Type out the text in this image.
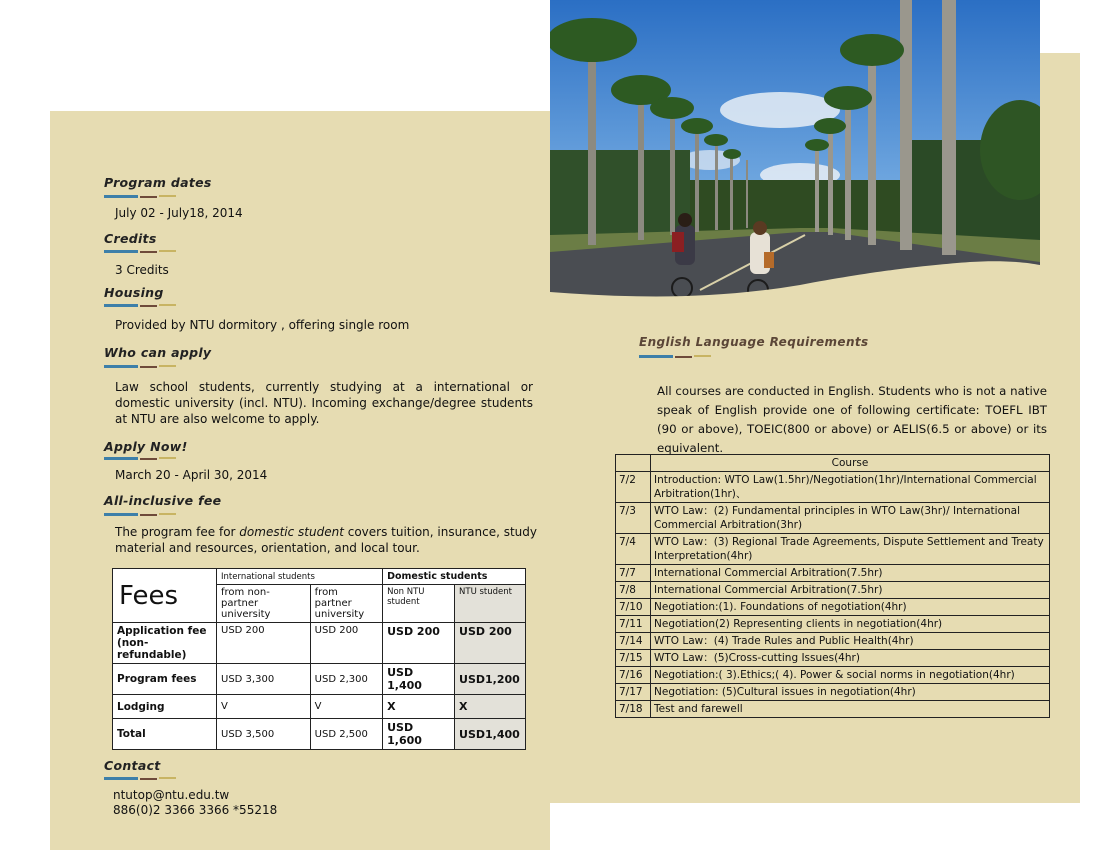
Program dates
July 02 - July18, 2014
Credits
3 Credits
Housing
Provided by NTU dormitory , offering single room
Who can apply
Law school students, currently studying at a international or domestic university (incl. NTU). Incoming exchange/degree students at NTU are also welcome to apply.
Apply Now!
March 20 - April 30, 2014
All-inclusive fee
The program fee for domestic student covers tuition, insurance, study material and resources, orientation, and local tour.
Fees	International students		Domestic students	
	from non-partner university	from partner university	Non NTU student	NTU student
Application fee (non-refundable)	USD 200	USD 200	USD 200	USD 200
Program fees	USD 3,300	USD 2,300	USD 1,400	USD1,200
Lodging	V	V	X	X
Total	USD 3,500	USD 2,500	USD 1,600	USD1,400
Contact
ntutop@ntu.edu.tw
886(0)2 3366 3366 *55218
English Language Requirements
All courses are conducted in English. Students who is not a native speak of English provide one of following certificate: TOEFL IBT (90 or above), TOEIC(800 or above) or AELIS(6.5 or above) or its equivalent.
	Course
7/2	Introduction: WTO Law(1.5hr)/Negotiation(1hr)/International Commercial Arbitration(1hr)、
7/3	WTO Law：(2) Fundamental principles in WTO Law(3hr)/ International Commercial Arbitration(3hr)
7/4	WTO Law：(3) Regional Trade Agreements, Dispute Settlement and Treaty Interpretation(4hr)
7/7	International Commercial Arbitration(7.5hr)
7/8	International Commercial Arbitration(7.5hr)
7/10	Negotiation:(1). Foundations of negotiation(4hr)
7/11	Negotiation(2) Representing clients in negotiation(4hr)
7/14	WTO Law：(4) Trade Rules and Public Health(4hr)
7/15	WTO Law：(5)Cross-cutting Issues(4hr)
7/16	Negotiation:( 3).Ethics;( 4). Power & social norms in negotiation(4hr)
7/17	Negotiation: (5)Cultural issues in negotiation(4hr)
7/18	Test and farewell
